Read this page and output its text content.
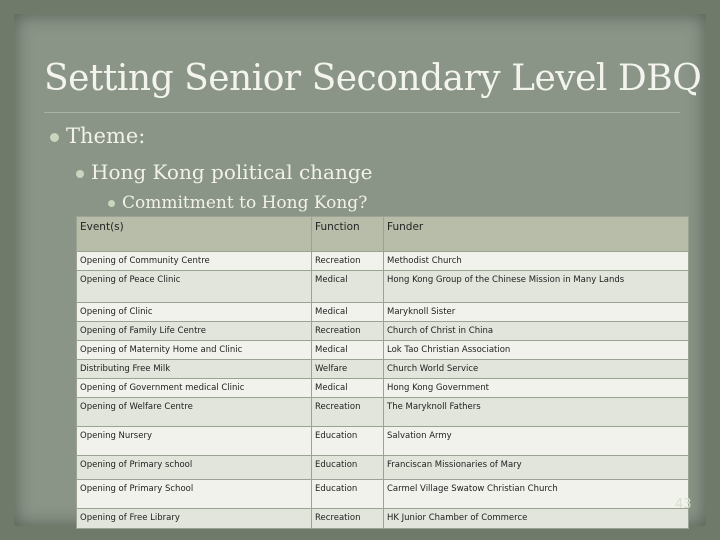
Setting Senior Secondary Level DBQ
Theme:
Hong Kong political change
Commitment to Hong Kong?
Event(s)	Function	Funder
Opening of Community Centre	Recreation	Methodist Church
Opening of Peace Clinic	Medical	Hong Kong Group of the Chinese Mission in Many Lands
Opening of Clinic	Medical	Maryknoll Sister
Opening of Family Life Centre	Recreation	Church of Christ in China
Opening of Maternity Home and Clinic	Medical	Lok Tao Christian Association
Distributing Free Milk	Welfare	Church World Service
Opening of Government medical Clinic	Medical	Hong Kong Government
Opening of Welfare Centre	Recreation	The Maryknoll Fathers
Opening Nursery	Education	Salvation Army
Opening of Primary school	Education	Franciscan Missionaries of Mary
Opening of Primary School	Education	Carmel Village Swatow Christian Church
Opening of Free Library	Recreation	HK Junior Chamber of Commerce
43
